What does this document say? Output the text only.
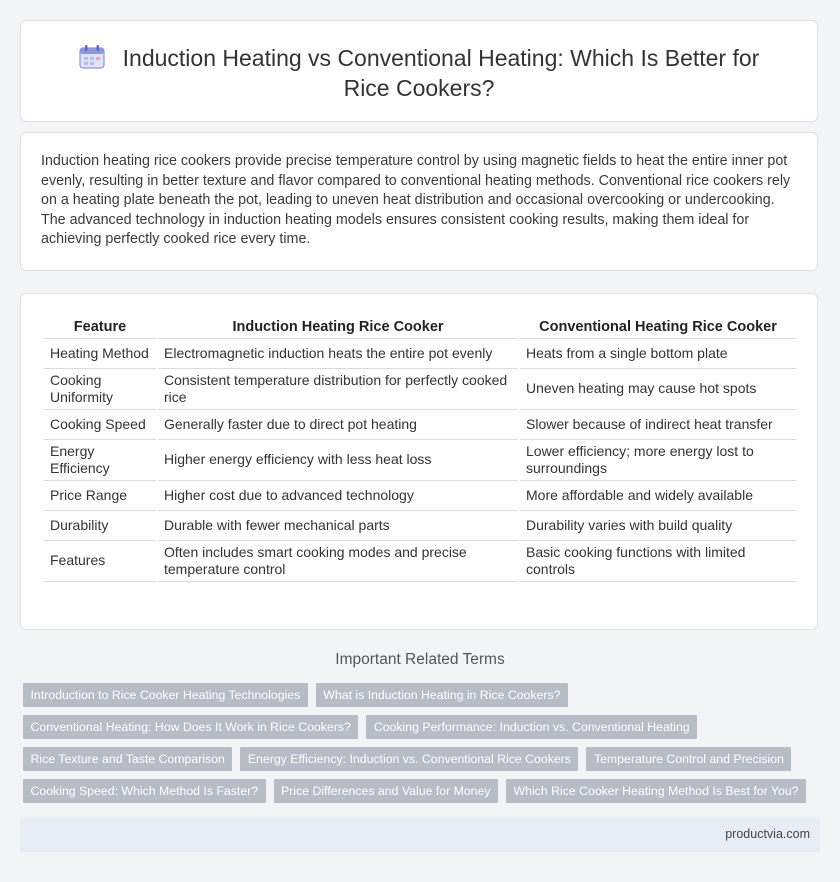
Induction Heating vs Conventional Heating: Which Is Better for
Rice Cookers?
Induction heating rice cookers provide precise temperature control by using magnetic fields to heat the entire inner pot evenly, resulting in better texture and flavor compared to conventional heating methods. Conventional rice cookers rely on a heating plate beneath the pot, leading to uneven heat distribution and occasional overcooking or undercooking. The advanced technology in induction heating models ensures consistent cooking results, making them ideal for achieving perfectly cooked rice every time.
Feature	Induction Heating Rice Cooker	Conventional Heating Rice Cooker
Heating Method	Electromagnetic induction heats the entire pot evenly	Heats from a single bottom plate
Cooking Uniformity	Consistent temperature distribution for perfectly cooked rice	Uneven heating may cause hot spots
Cooking Speed	Generally faster due to direct pot heating	Slower because of indirect heat transfer
Energy Efficiency	Higher energy efficiency with less heat loss	Lower efficiency; more energy lost to surroundings
Price Range	Higher cost due to advanced technology	More affordable and widely available
Durability	Durable with fewer mechanical parts	Durability varies with build quality
Features	Often includes smart cooking modes and precise temperature control	Basic cooking functions with limited controls
Important Related Terms
Introduction to Rice Cooker Heating Technologies	What is Induction Heating in Rice Cookers?
Conventional Heating: How Does It Work in Rice Cookers?	Cooking Performance: Induction vs. Conventional Heating
Rice Texture and Taste Comparison	Energy Efficiency: Induction vs. Conventional Rice Cookers	Temperature Control and Precision
Cooking Speed: Which Method Is Faster?	Price Differences and Value for Money	Which Rice Cooker Heating Method Is Best for You?
productvia.com
